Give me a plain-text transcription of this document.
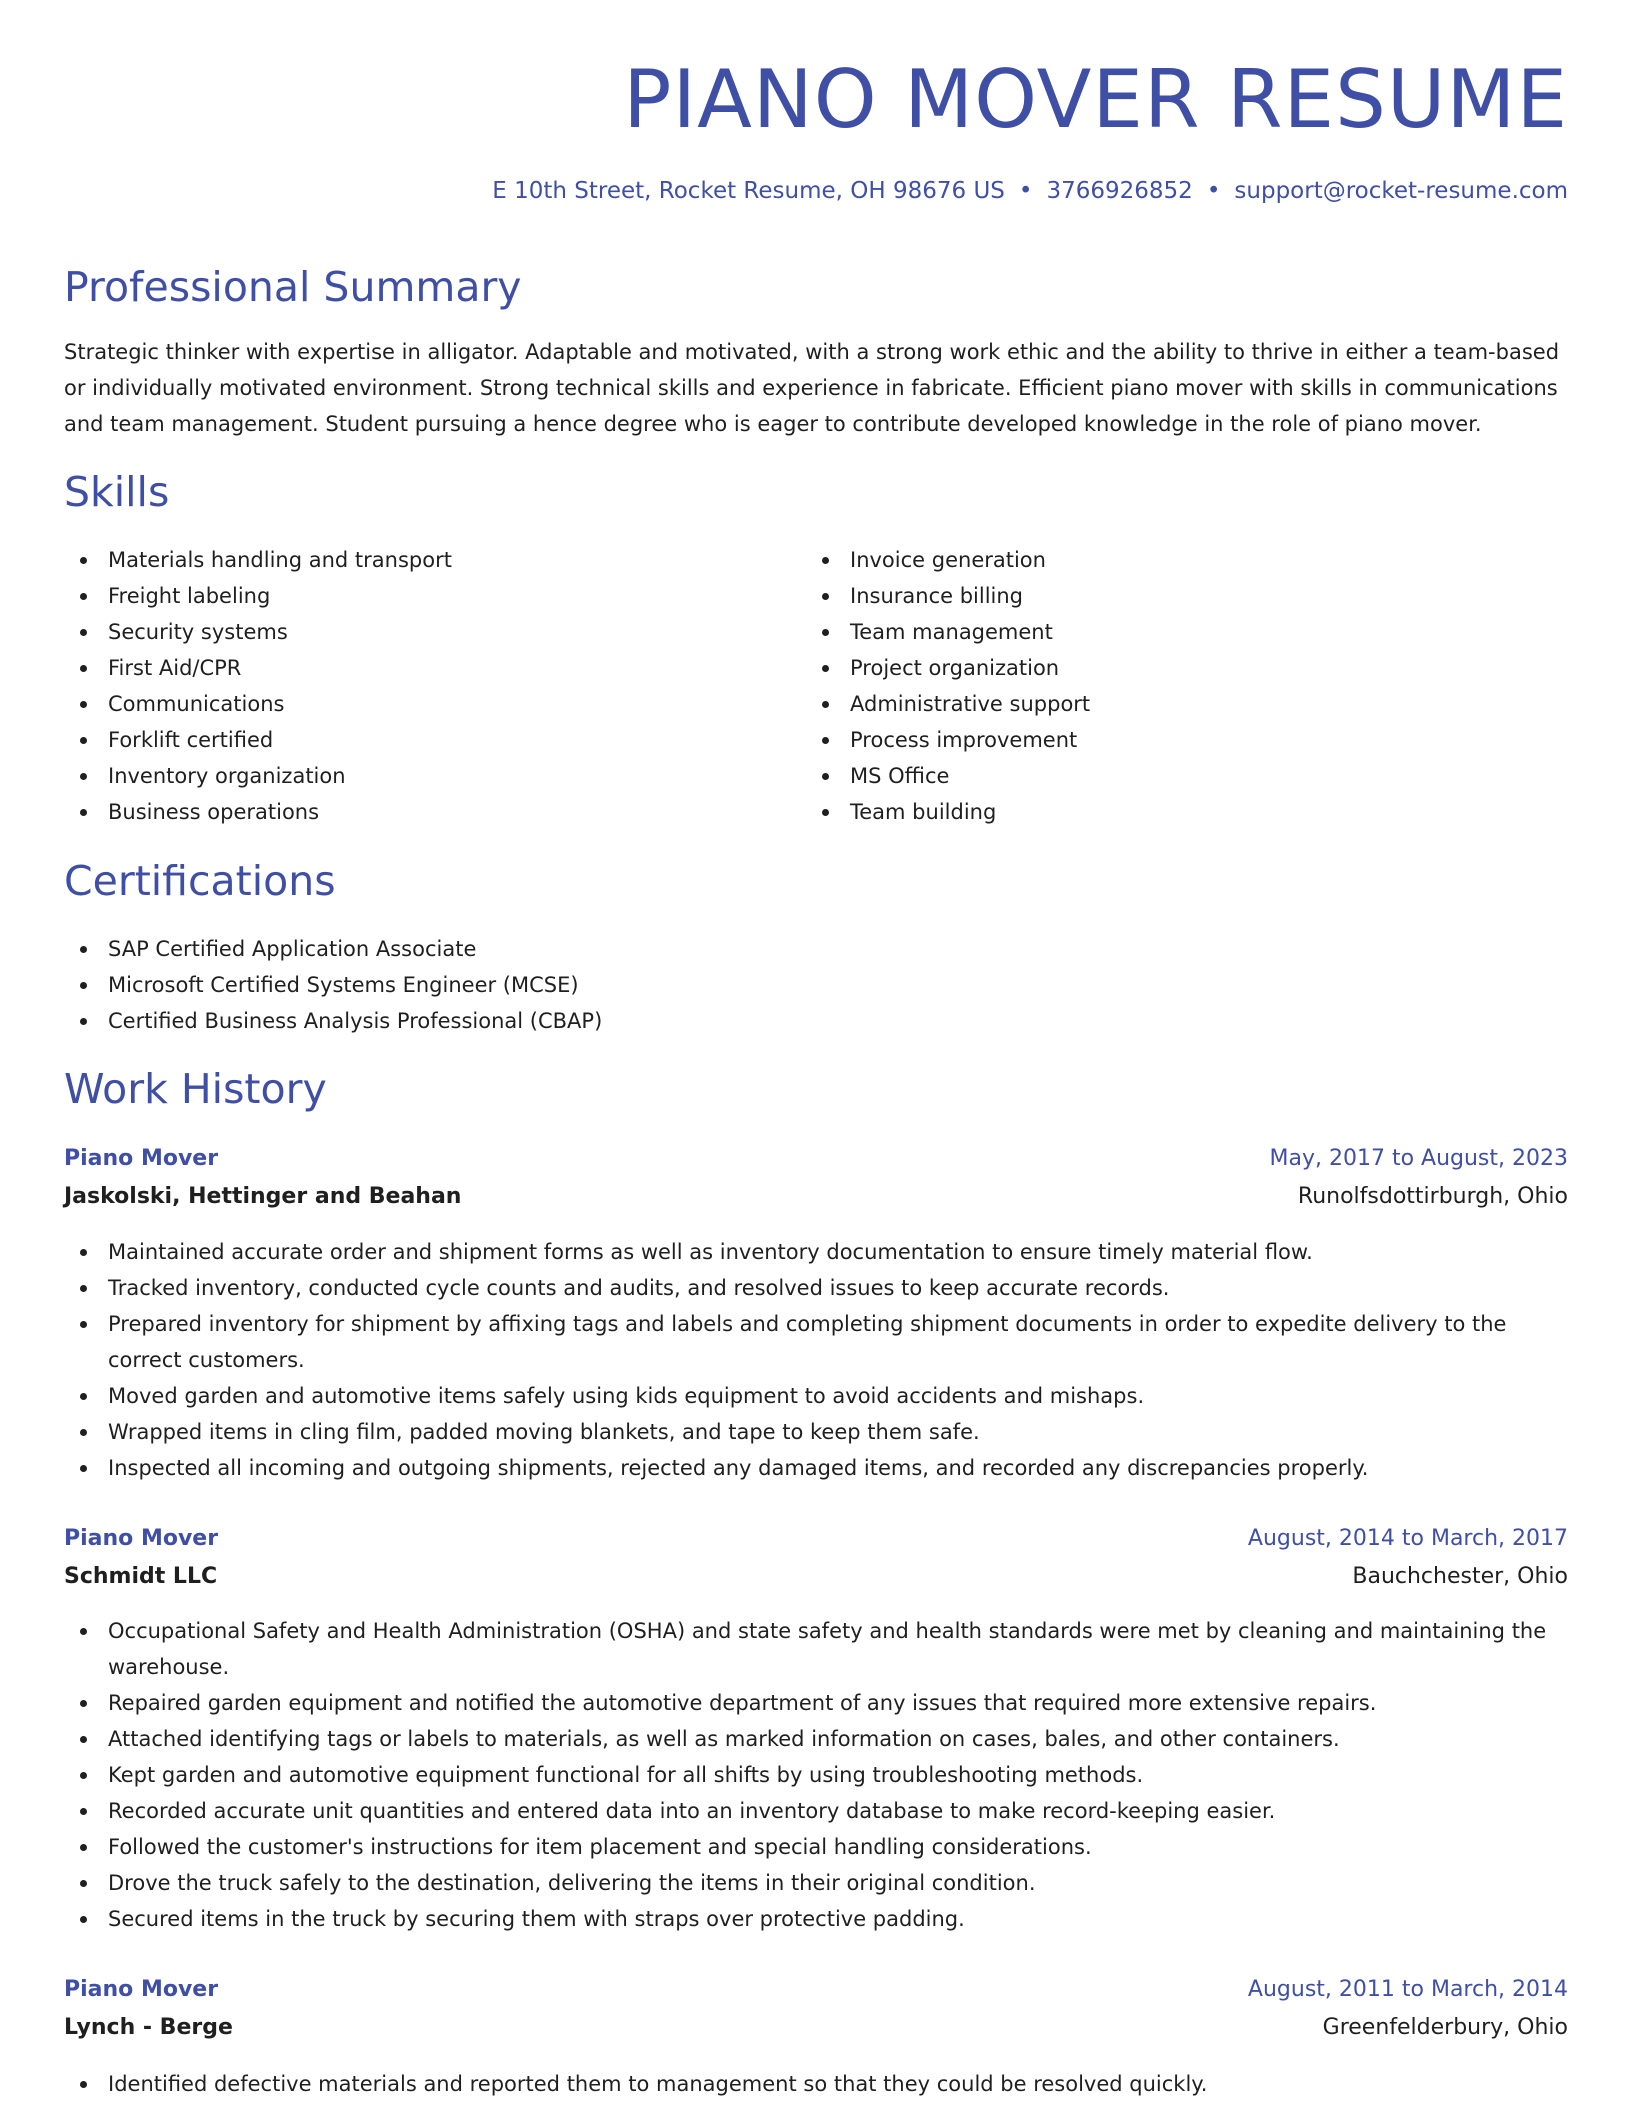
PIANO MOVER RESUME
E 10th Street, Rocket Resume, OH 98676 US • 3766926852 • support@rocket-resume.com
Professional Summary

Strategic thinker with expertise in alligator. Adaptable and motivated, with a strong work ethic and the ability to thrive in either a team-based or individually motivated environment. Strong technical skills and experience in fabricate. Efficient piano mover with skills in communications and team management. Student pursuing a hence degree who is eager to contribute developed knowledge in the role of piano mover.

Skills
Materials handling and transport
Freight labeling
Security systems
First Aid/CPR
Communications
Forklift certified
Inventory organization
Business operations
Invoice generation
Insurance billing
Team management
Project organization
Administrative support
Process improvement
MS Office
Team building
Certifications
SAP Certified Application Associate
Microsoft Certified Systems Engineer (MCSE)
Certified Business Analysis Professional (CBAP)
Work History
Piano Mover	May, 2017 to August, 2023
Jaskolski, Hettinger and Beahan	Runolfsdottirburgh, Ohio
Maintained accurate order and shipment forms as well as inventory documentation to ensure timely material flow.
Tracked inventory, conducted cycle counts and audits, and resolved issues to keep accurate records.
Prepared inventory for shipment by affixing tags and labels and completing shipment documents in order to expedite delivery to the correct customers.
Moved garden and automotive items safely using kids equipment to avoid accidents and mishaps.
Wrapped items in cling film, padded moving blankets, and tape to keep them safe.
Inspected all incoming and outgoing shipments, rejected any damaged items, and recorded any discrepancies properly.
Piano Mover	August, 2014 to March, 2017
Schmidt LLC	Bauchchester, Ohio
Occupational Safety and Health Administration (OSHA) and state safety and health standards were met by cleaning and maintaining the warehouse.
Repaired garden equipment and notified the automotive department of any issues that required more extensive repairs.
Attached identifying tags or labels to materials, as well as marked information on cases, bales, and other containers.
Kept garden and automotive equipment functional for all shifts by using troubleshooting methods.
Recorded accurate unit quantities and entered data into an inventory database to make record-keeping easier.
Followed the customer's instructions for item placement and special handling considerations.
Drove the truck safely to the destination, delivering the items in their original condition.
Secured items in the truck by securing them with straps over protective padding.
Piano Mover	August, 2011 to March, 2014
Lynch - Berge	Greenfelderbury, Ohio
Identified defective materials and reported them to management so that they could be resolved quickly.
